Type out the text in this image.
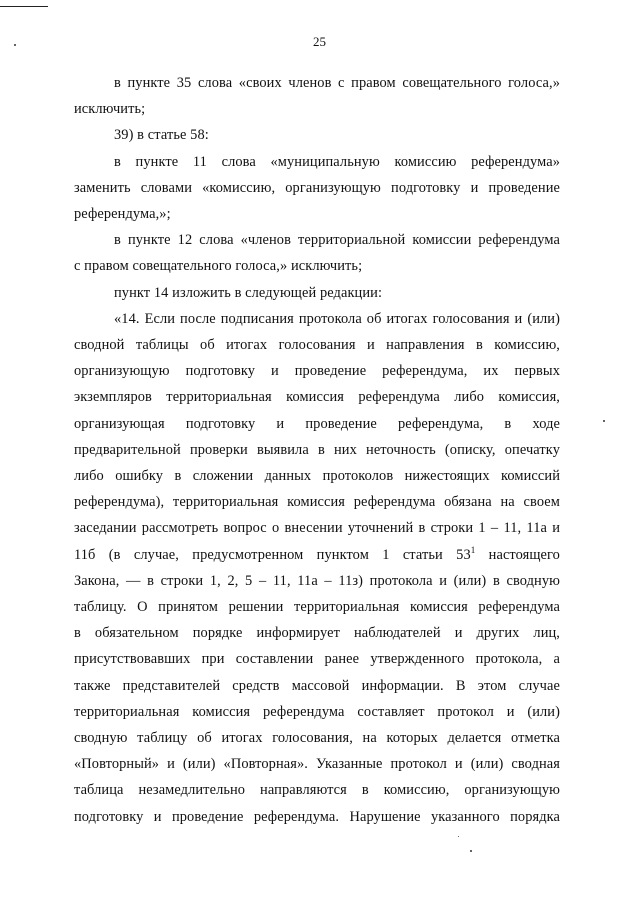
25

в пункте 35 слова «своих членов с правом совещательного голоса,»

исключить;

39) в статье 58:

в пункте 11 слова «муниципальную комиссию референдума»

заменить словами «комиссию, организующую подготовку и проведение

референдума,»;

в пункте 12 слова «членов территориальной комиссии референдума

с правом совещательного голоса,» исключить;

пункт 14 изложить в следующей редакции:

«14. Если после подписания протокола об итогах голосования и (или)

сводной таблицы об итогах голосования и направления в комиссию,

организующую подготовку и проведение референдума, их первых

экземпляров территориальная комиссия референдума либо комиссия,

организующая подготовку и проведение референдума, в ходе

предварительной проверки выявила в них неточность (описку, опечатку

либо ошибку в сложении данных протоколов нижестоящих комиссий

референдума), территориальная комиссия референдума обязана на своем

заседании рассмотреть вопрос о внесении уточнений в строки 1 – 11, 11а и

11б (в случае, предусмотренном пунктом 1 статьи $53^1$ настоящего

Закона, — в строки 1, 2, 5 – 11, 11а – 11з) протокола и (или) в сводную

таблицу. О принятом решении территориальная комиссия референдума

в обязательном порядке информирует наблюдателей и других лиц,

присутствовавших при составлении ранее утвержденного протокола, а

также представителей средств массовой информации. В этом случае

территориальная комиссия референдума составляет протокол и (или)

сводную таблицу об итогах голосования, на которых делается отметка

«Повторный» и (или) «Повторная». Указанные протокол и (или) сводная

таблица незамедлительно направляются в комиссию, организующую

подготовку и проведение референдума. Нарушение указанного порядка
